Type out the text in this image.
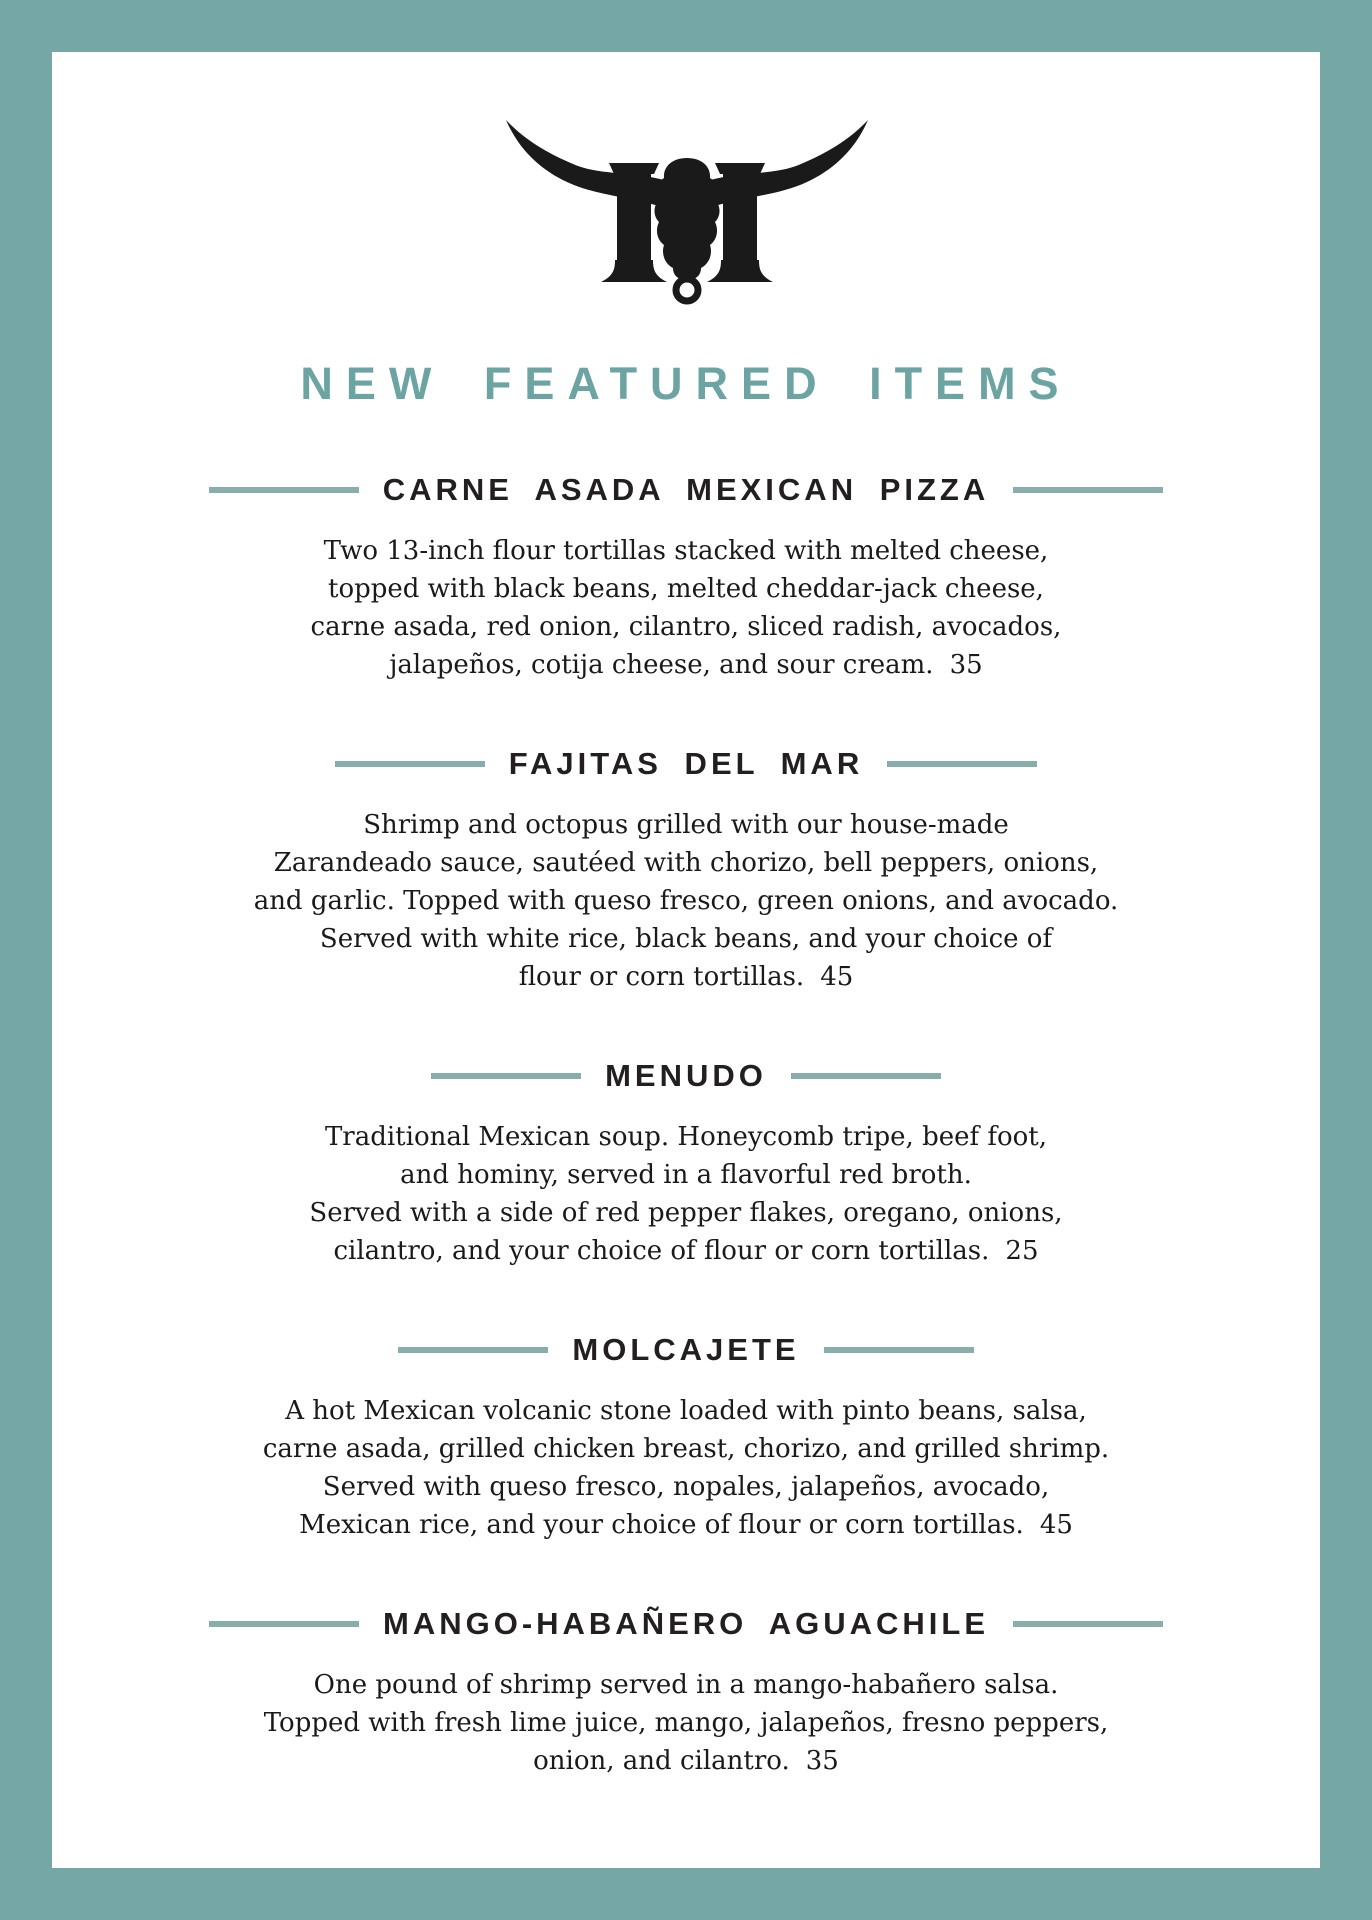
NEW FEATURED ITEMS
CARNE ASADA MEXICAN PIZZA
Two 13-inch flour tortillas stacked with melted cheese,
topped with black beans, melted cheddar-jack cheese,
carne asada, red onion, cilantro, sliced radish, avocados,
jalapeños, cotija cheese, and sour cream. 35
FAJITAS DEL MAR
Shrimp and octopus grilled with our house-made
Zarandeado sauce, sautéed with chorizo, bell peppers, onions,
and garlic. Topped with queso fresco, green onions, and avocado.
Served with white rice, black beans, and your choice of
flour or corn tortillas. 45
MENUDO
Traditional Mexican soup. Honeycomb tripe, beef foot,
and hominy, served in a flavorful red broth.
Served with a side of red pepper flakes, oregano, onions,
cilantro, and your choice of flour or corn tortillas. 25
MOLCAJETE
A hot Mexican volcanic stone loaded with pinto beans, salsa,
carne asada, grilled chicken breast, chorizo, and grilled shrimp.
Served with queso fresco, nopales, jalapeños, avocado,
Mexican rice, and your choice of flour or corn tortillas. 45
MANGO-HABAÑERO AGUACHILE
One pound of shrimp served in a mango-habañero salsa.
Topped with fresh lime juice, mango, jalapeños, fresno peppers,
onion, and cilantro. 35
